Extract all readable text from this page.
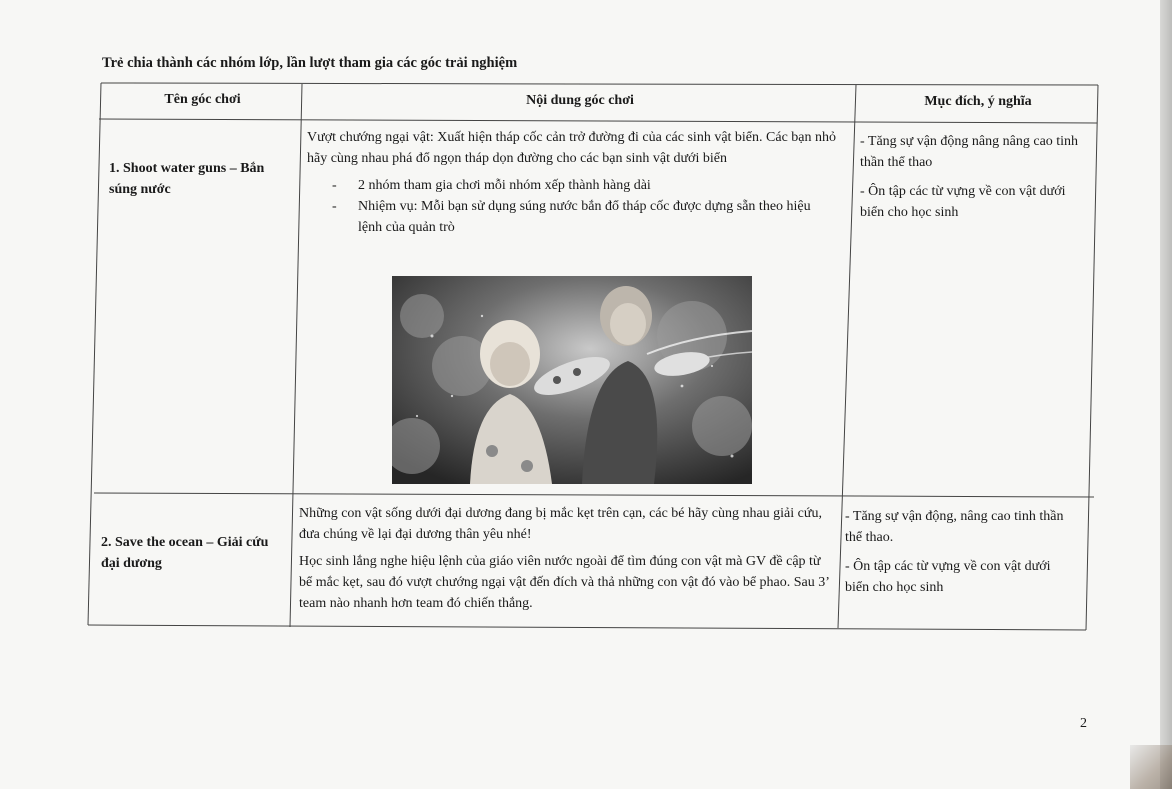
Trẻ chia thành các nhóm lớp, lần lượt tham gia các góc trải nghiệm
Tên góc chơi	Nội dung góc chơi	Mục đích, ý nghĩa
1. Shoot water guns – Bắn súng nước

Vượt chướng ngại vật: Xuất hiện tháp cốc cản trở đường đi của các sinh vật biển. Các bạn nhỏ hãy cùng nhau phá đổ ngọn tháp dọn đường cho các bạn sinh vật dưới biển

- 2 nhóm tham gia chơi mỗi nhóm xếp thành hàng dài
- Nhiệm vụ: Mỗi bạn sử dụng súng nước bắn đổ tháp cốc được dựng sẵn theo hiệu lệnh của quản trò
- Tăng sự vận động nâng nâng cao tinh thần thể thao
- Ôn tập các từ vựng về con vật dưới biển cho học sinh
2. Save the ocean – Giải cứu đại dương

Những con vật sống dưới đại dương đang bị mắc kẹt trên cạn, các bé hãy cùng nhau giải cứu, đưa chúng về lại đại dương thân yêu nhé!

Học sinh lắng nghe hiệu lệnh của giáo viên nước ngoài để tìm đúng con vật mà GV đề cập từ bể mắc kẹt, sau đó vượt chướng ngại vật đến đích và thả những con vật đó vào bể phao. Sau 3’ team nào nhanh hơn team đó chiến thắng.

- Tăng sự vận động, nâng cao tinh thần thể thao.
- Ôn tập các từ vựng về con vật dưới biển cho học sinh
2
